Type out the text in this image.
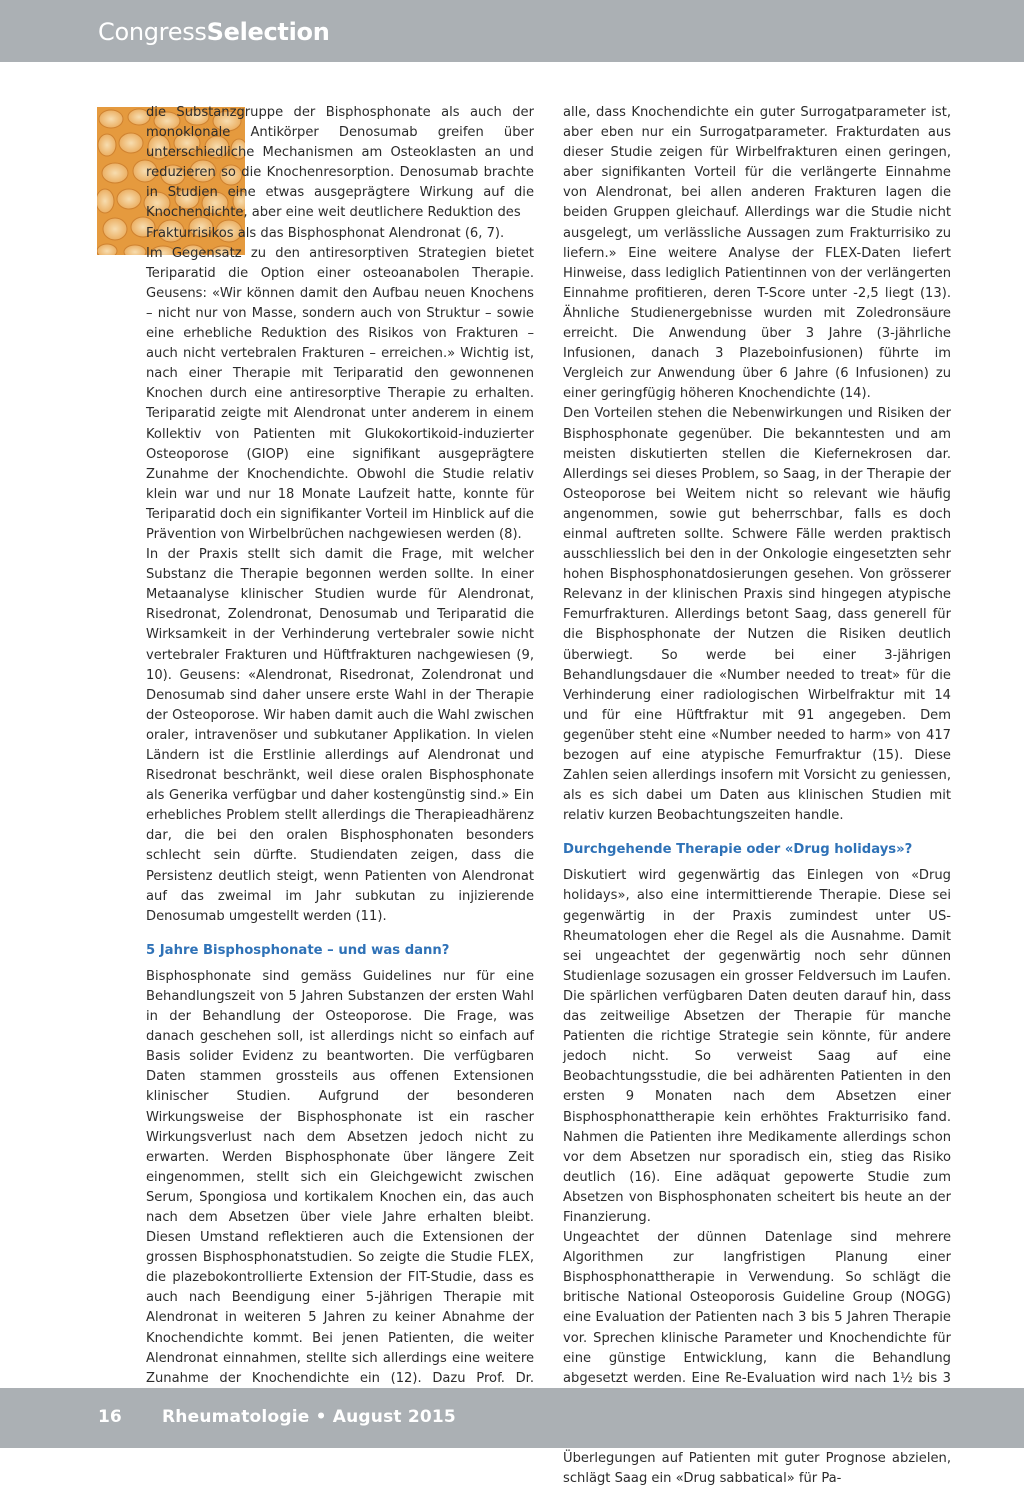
CongressSelection

die Substanzgruppe der Bisphosphonate als auch der monoklonale Antikörper Denosumab greifen über unterschiedliche Mechanismen am Osteoklasten an und reduzieren so die Knochenresorption. Denosumab brachte in Studien eine etwas ausgeprägtere Wirkung auf die Knochendichte, aber eine weit deutlichere Reduktion des

Frakturrisikos als das Bisphosphonat Alendronat (6, 7).

Im Gegensatz zu den antiresorptiven Strategien bietet Teriparatid die Option einer osteoanabolen Therapie. Geusens: «Wir können damit den Aufbau neuen Knochens – nicht nur von Masse, sondern auch von Struktur – sowie eine erhebliche Reduktion des Risikos von Frakturen – auch nicht vertebralen Frakturen – erreichen.» Wichtig ist, nach einer Therapie mit Teriparatid den gewonnenen Knochen durch eine antiresorptive Therapie zu erhalten. Teriparatid zeigte mit Alendronat unter anderem in einem Kollektiv von Patienten mit Glukokortikoid-induzierter Osteoporose (GIOP) eine signifikant ausgeprägtere Zunahme der Knochendichte. Obwohl die Studie relativ klein war und nur 18 Monate Laufzeit hatte, konnte für Teriparatid doch ein signifikanter Vorteil im Hinblick auf die Prävention von Wirbelbrüchen nachgewiesen werden (8).

In der Praxis stellt sich damit die Frage, mit welcher Substanz die Therapie begonnen werden sollte. In einer Metaanalyse klinischer Studien wurde für Alendronat, Risedronat, Zolendronat, Denosumab und Teriparatid die Wirksamkeit in der Verhinderung vertebraler sowie nicht vertebraler Frakturen und Hüftfrakturen nachgewiesen (9, 10). Geusens: «Alendronat, Risedronat, Zolendronat und Denosumab sind daher unsere erste Wahl in der Therapie der Osteoporose. Wir haben damit auch die Wahl zwischen oraler, intravenöser und subkutaner Applikation. In vielen Ländern ist die Erstlinie allerdings auf Alendronat und Risedronat beschränkt, weil diese oralen Bisphosphonate als Generika verfügbar und daher kostengünstig sind.» Ein erhebliches Problem stellt allerdings die Therapieadhärenz dar, die bei den oralen Bisphosphonaten besonders schlecht sein dürfte. Studiendaten zeigen, dass die Persistenz deutlich steigt, wenn Patienten von Alendronat auf das zweimal im Jahr subkutan zu injizierende Denosumab umgestellt werden (11).

5 Jahre Bisphosphonate – und was dann?

Bisphosphonate sind gemäss Guidelines nur für eine Behandlungszeit von 5 Jahren Substanzen der ersten Wahl in der Behandlung der Osteoporose. Die Frage, was danach geschehen soll, ist allerdings nicht so einfach auf Basis solider Evidenz zu beantworten. Die verfügbaren Daten stammen grossteils aus offenen Extensionen klinischer Studien. Aufgrund der besonderen Wirkungsweise der Bisphosphonate ist ein rascher Wirkungsverlust nach dem Absetzen jedoch nicht zu erwarten. Werden Bisphosphonate über längere Zeit eingenommen, stellt sich ein Gleichgewicht zwischen Serum, Spongiosa und kortikalem Knochen ein, das auch nach dem Absetzen über viele Jahre erhalten bleibt. Diesen Umstand reflektieren auch die Extensionen der grossen Bisphosphonatstudien. So zeigte die Studie FLEX, die plazebokontrollierte Extension der FIT-Studie, dass es auch nach Beendigung einer 5-jährigen Therapie mit Alendronat in weiteren 5 Jahren zu keiner Abnahme der Knochendichte kommt. Bei jenen Patienten, die weiter Alendronat einnahmen, stellte sich allerdings eine weitere Zunahme der Knochendichte ein (12). Dazu Prof. Dr.

alle, dass Knochendichte ein guter Surrogatparameter ist, aber eben nur ein Surrogatparameter. Frakturdaten aus dieser Studie zeigen für Wirbelfrakturen einen geringen, aber signifikanten Vorteil für die verlängerte Einnahme von Alendronat, bei allen anderen Frakturen lagen die beiden Gruppen gleichauf. Allerdings war die Studie nicht ausgelegt, um verlässliche Aussagen zum Frakturrisiko zu liefern.» Eine weitere Analyse der FLEX-Daten liefert Hinweise, dass lediglich Patientinnen von der verlängerten Einnahme profitieren, deren T-Score unter -2,5 liegt (13). Ähnliche Studienergebnisse wurden mit Zoledronsäure erreicht. Die Anwendung über 3 Jahre (3-jährliche Infusionen, danach 3 Plazeboinfusionen) führte im Vergleich zur Anwendung über 6 Jahre (6 Infusionen) zu einer geringfügig höheren Knochendichte (14).

Den Vorteilen stehen die Nebenwirkungen und Risiken der Bisphosphonate gegenüber. Die bekanntesten und am meisten diskutierten stellen die Kiefernekrosen dar. Allerdings sei dieses Problem, so Saag, in der Therapie der Osteoporose bei Weitem nicht so relevant wie häufig angenommen, sowie gut beherrschbar, falls es doch einmal auftreten sollte. Schwere Fälle werden praktisch ausschliesslich bei den in der Onkologie eingesetzten sehr hohen Bisphosphonatdosierungen gesehen. Von grösserer Relevanz in der klinischen Praxis sind hingegen atypische Femurfrakturen. Allerdings betont Saag, dass generell für die Bisphosphonate der Nutzen die Risiken deutlich überwiegt. So werde bei einer 3-jährigen Behandlungsdauer die «Number needed to treat» für die Verhinderung einer radiologischen Wirbelfraktur mit 14 und für eine Hüftfraktur mit 91 angegeben. Dem gegenüber steht eine «Number needed to harm» von 417 bezogen auf eine atypische Femurfraktur (15). Diese Zahlen seien allerdings insofern mit Vorsicht zu geniessen, als es sich dabei um Daten aus klinischen Studien mit relativ kurzen Beobachtungszeiten handle.

Durchgehende Therapie oder «Drug holidays»?

Diskutiert wird gegenwärtig das Einlegen von «Drug holidays», also eine intermittierende Therapie. Diese sei gegenwärtig in der Praxis zumindest unter US-Rheumatologen eher die Regel als die Ausnahme. Damit sei ungeachtet der gegenwärtig noch sehr dünnen Studienlage sozusagen ein grosser Feldversuch im Laufen. Die spärlichen verfügbaren Daten deuten darauf hin, dass das zeitweilige Absetzen der Therapie für manche Patienten die richtige Strategie sein könnte, für andere jedoch nicht. So verweist Saag auf eine Beobachtungsstudie, die bei adhärenten Patienten in den ersten 9 Monaten nach dem Absetzen einer Bisphosphonattherapie kein erhöhtes Frakturrisiko fand. Nahmen die Patienten ihre Medikamente allerdings schon vor dem Absetzen nur sporadisch ein, stieg das Risiko deutlich (16). Eine adäquat gepowerte Studie zum Absetzen von Bisphosphonaten scheitert bis heute an der Finanzierung.

Ungeachtet der dünnen Datenlage sind mehrere Algorithmen zur langfristigen Planung einer Bisphosphonattherapie in Verwendung. So schlägt die britische National Osteoporosis Guideline Group (NOGG) eine Evaluation der Patienten nach 3 bis 5 Jahren Therapie vor. Sprechen klinische Parameter und Knochendichte für eine günstige Entwicklung, kann die Behandlung abgesetzt werden. Eine Re-Evaluation wird nach 1½ bis 3 Überlegungen auf Patienten mit guter Prognose abzielen, schlägt Saag ein «Drug sabbatical» für Pa-

16 Rheumatologie • August 2015
